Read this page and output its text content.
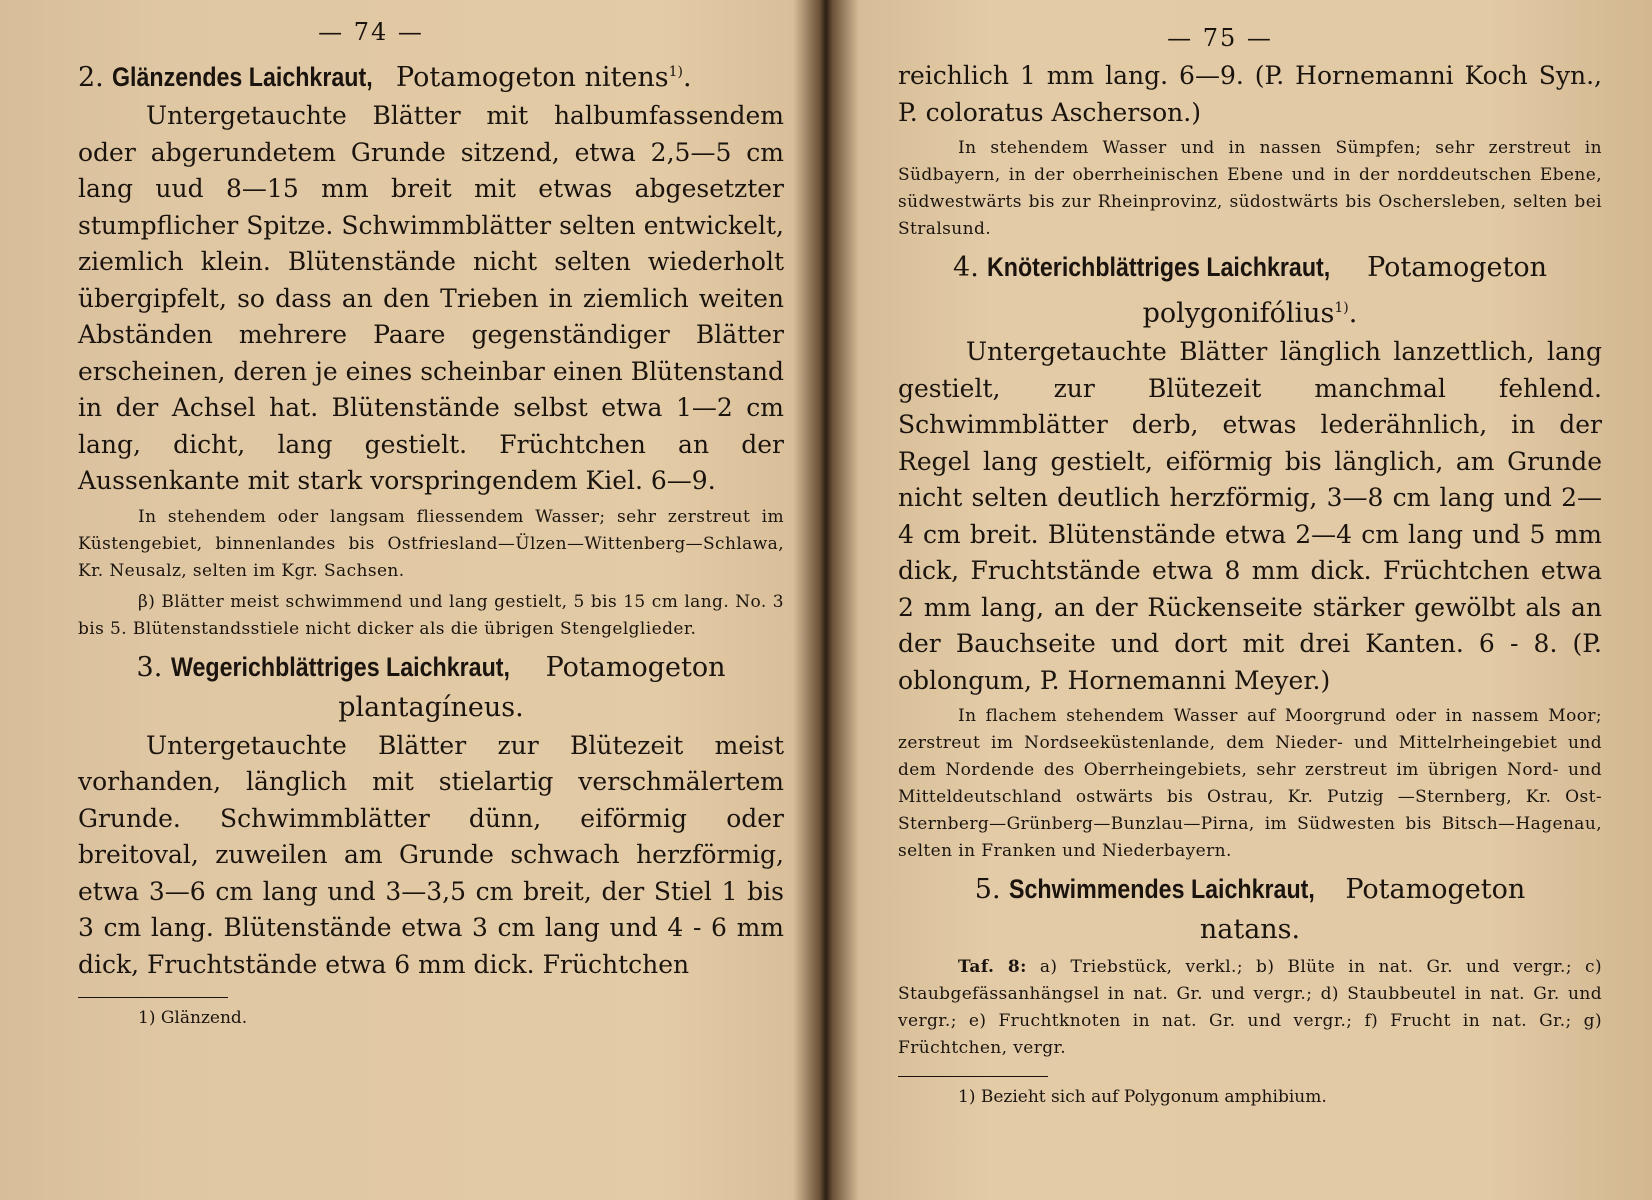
— 74 —
2. Glänzendes Laichkraut, Potamogeton nitens$^{1)}$.

Untergetauchte Blätter mit halbumfassendem oder abgerundetem Grunde sitzend, etwa 2,5—5 cm lang uud 8—15 mm breit mit etwas abgesetzter stumpflicher Spitze. Schwimmblätter selten entwickelt, ziemlich klein. Blütenstände nicht selten wiederholt übergipfelt, so dass an den Trieben in ziemlich weiten Abständen mehrere Paare gegenständiger Blätter erscheinen, deren je eines scheinbar einen Blütenstand in der Achsel hat. Blütenstände selbst etwa 1—2 cm lang, dicht, lang gestielt. Früchtchen an der Aussenkante mit stark vorspringendem Kiel. 6—9.

In stehendem oder langsam fliessendem Wasser; sehr zerstreut im Küstengebiet, binnenlandes bis Ostfriesland—Ülzen—Wittenberg—Schlawa, Kr. Neusalz, selten im Kgr. Sachsen.

β) Blätter meist schwimmend und lang gestielt, 5 bis 15 cm lang. No. 3 bis 5. Blütenstandsstiele nicht dicker als die übrigen Stengelglieder.

3. Wegerichblättriges Laichkraut, Potamogeton
plantagíneus.

Untergetauchte Blätter zur Blütezeit meist vorhanden, länglich mit stielartig verschmälertem Grunde. Schwimmblätter dünn, eiförmig oder breitoval, zuweilen am Grunde schwach herzförmig, etwa 3—6 cm lang und 3—3,5 cm breit, der Stiel 1 bis 3 cm lang. Blütenstände etwa 3 cm lang und 4 - 6 mm dick, Fruchtstände etwa 6 mm dick. Früchtchen

1) Glänzend.
— 75 —

reichlich 1 mm lang. 6—9. (P. Hornemanni Koch Syn., P. coloratus Ascherson.)

In stehendem Wasser und in nassen Sümpfen; sehr zerstreut in Südbayern, in der oberrheinischen Ebene und in der norddeutschen Ebene, südwestwärts bis zur Rheinprovinz, südostwärts bis Oschersleben, selten bei Stralsund.

4. Knöterichblättriges Laichkraut, Potamogeton
polygonifólius$^{1)}$.

Untergetauchte Blätter länglich lanzettlich, lang gestielt, zur Blütezeit manchmal fehlend. Schwimmblätter derb, etwas lederähnlich, in der Regel lang gestielt, eiförmig bis länglich, am Grunde nicht selten deutlich herzförmig, 3—8 cm lang und 2—4 cm breit. Blütenstände etwa 2—4 cm lang und 5 mm dick, Fruchtstände etwa 8 mm dick. Früchtchen etwa 2 mm lang, an der Rückenseite stärker gewölbt als an der Bauchseite und dort mit drei Kanten. 6 - 8. (P. oblongum, P. Hornemanni Meyer.)

In flachem stehendem Wasser auf Moorgrund oder in nassem Moor; zerstreut im Nordseeküstenlande, dem Nieder- und Mittelrheingebiet und dem Nordende des Oberrheingebiets, sehr zerstreut im übrigen Nord- und Mitteldeutschland ostwärts bis Ostrau, Kr. Putzig —Sternberg, Kr. Ost-Sternberg—Grünberg—Bunzlau—Pirna, im Südwesten bis Bitsch—Hagenau, selten in Franken und Niederbayern.

5. Schwimmendes Laichkraut, Potamogeton
natans.

Taf. 8: a) Triebstück, verkl.; b) Blüte in nat. Gr. und vergr.; c) Staubgefässanhängsel in nat. Gr. und vergr.; d) Staubbeutel in nat. Gr. und vergr.; e) Fruchtknoten in nat. Gr. und vergr.; f) Frucht in nat. Gr.; g) Früchtchen, vergr.

1) Bezieht sich auf Polygonum amphibium.
